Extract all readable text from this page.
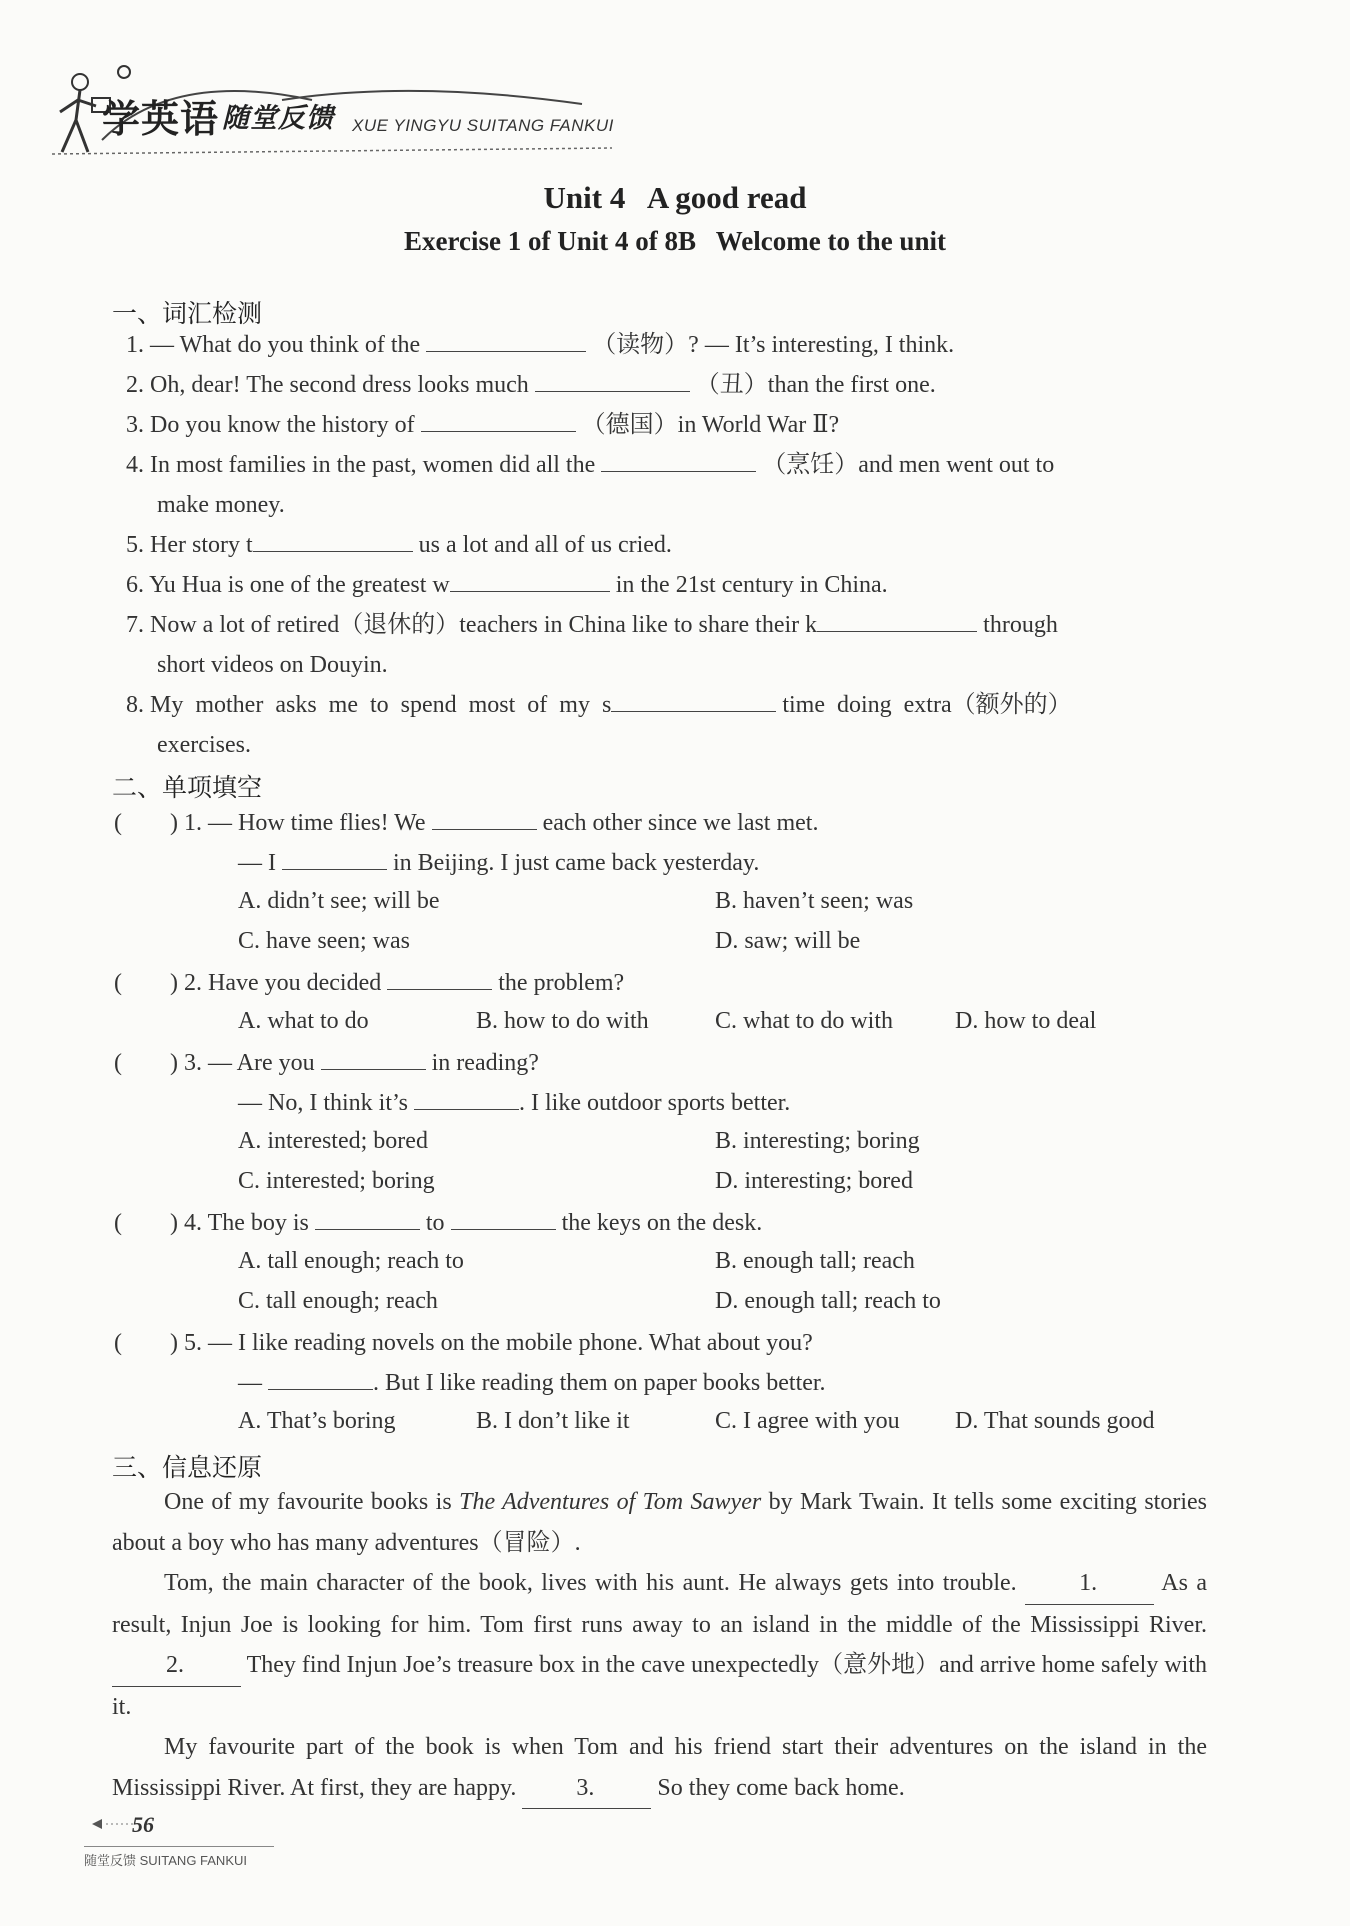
学英语 随堂反馈 XUE YINGYU SUITANG FANKUI
Unit 4   A good read
Exercise 1 of Unit 4 of 8B   Welcome to the unit
一、词汇检测
1. — What do you think of the	（读物）? — It’s interesting, I think.
2. Oh, dear! The second dress looks much	（丑）than the first one.
3. Do you know the history of	（德国）in World War Ⅱ?
4. In most families in the past, women did all the	（烹饪）and men went out to
make money.
5. Her story t	us a lot and all of us cried.
6. Yu Hua is one of the greatest w	in the 21st century in China.
7. Now a lot of retired（退休的）teachers in China like to share their k	through
short videos on Douyin.
8. My  mother  asks  me  to  spend  most  of  my  s	time  doing  extra（额外的）
exercises.
二、单项填空
(        ) 1. — How time flies! We	each other since we last met.
— I	in Beijing. I just came back yesterday.
A. didn’t see; will be	B. haven’t seen; was
C. have seen; was	D. saw; will be
(        ) 2. Have you decided	the problem?
A. what to do	B. how to do with	C. what to do with	D. how to deal
(        ) 3. — Are you	in reading?
— No, I think it’s	. I like outdoor sports better.
A. interested; bored	B. interesting; boring
C. interested; boring	D. interesting; bored
(        ) 4. The boy is	to	the keys on the desk.
A. tall enough; reach to	B. enough tall; reach
C. tall enough; reach	D. enough tall; reach to
(        ) 5. — I like reading novels on the mobile phone. What about you?
—	. But I like reading them on paper books better.
A. That’s boring	B. I don’t like it	C. I agree with you D. That sounds good
三、信息还原

One of my favourite books is The Adventures of Tom Sawyer by Mark Twain. It tells some exciting stories about a boy who has many adventures（冒险）.

Tom, the main character of the book, lives with his aunt. He always gets into trouble.	1. As a result, Injun Joe is looking for him. Tom first runs away to an island in the middle of the Mississippi River. 2. They find Injun Joe’s treasure box in the cave unexpectedly（意外地）and arrive home safely with it.

My favourite part of the book is when Tom and his friend start their adventures on the island in the Mississippi River. At first, they are happy. 3. So they come back home.

56
随堂反馈 SUITANG FANKUI
